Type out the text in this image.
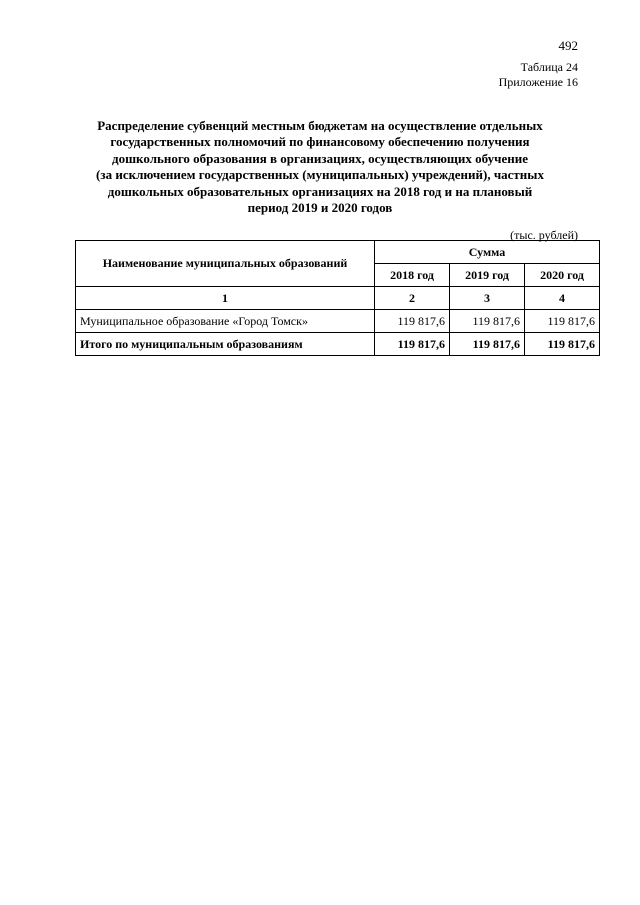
492
Таблица 24
Приложение 16
Распределение субвенций местным бюджетам на осуществление отдельных
государственных полномочий по финансовому обеспечению получения
дошкольного образования в организациях, осуществляющих обучение
(за исключением государственных (муниципальных) учреждений), частных
дошкольных образовательных организациях на 2018 год и на плановый
период 2019 и 2020 годов
(тыс. рублей)
Наименование муниципальных образований	Сумма		
	2018 год	2019 год	2020 год
1	2	3	4
Муниципальное образование «Город Томск»	119 817,6	119 817,6	119 817,6
Итого по муниципальным образованиям	119 817,6	119 817,6	119 817,6
